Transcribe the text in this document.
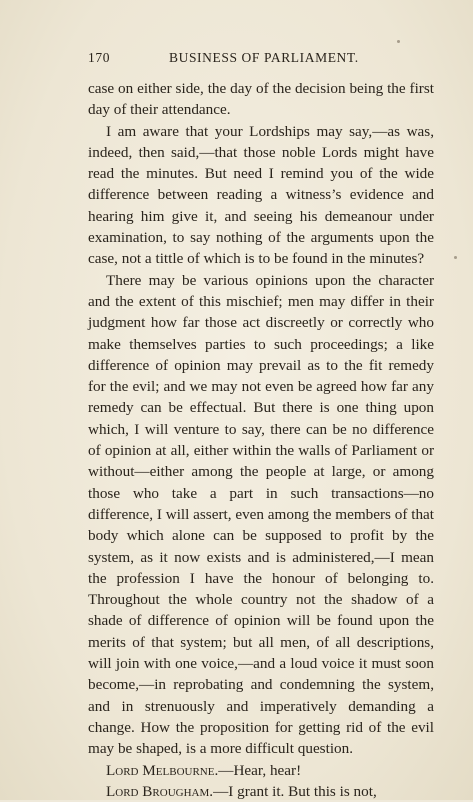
170	BUSINESS OF PARLIAMENT.

case on either side, the day of the decision being the first day of their attendance.

I am aware that your Lordships may say,—as was, indeed, then said,—that those noble Lords might have read the minutes. But need I remind you of the wide difference between reading a witness’s evidence and hearing him give it, and seeing his demeanour under examination, to say nothing of the arguments upon the case, not a tittle of which is to be found in the minutes?

There may be various opinions upon the character and the extent of this mischief; men may differ in their judgment how far those act discreetly or correctly who make themselves parties to such proceedings; a like difference of opinion may prevail as to the fit remedy for the evil; and we may not even be agreed how far any remedy can be effectual. But there is one thing upon which, I will venture to say, there can be no difference of opinion at all, either within the walls of Parliament or without—either among the people at large, or among those who take a part in such transactions—no difference, I will assert, even among the members of that body which alone can be supposed to profit by the system, as it now exists and is administered,—I mean the profession I have the honour of belonging to. Throughout the whole country not the shadow of a shade of difference of opinion will be found upon the merits of that system; but all men, of all descriptions, will join with one voice,—and a loud voice it must soon become,—in reprobating and condemning the system, and in strenuously and imperatively demanding a change. How the proposition for getting rid of the evil may be shaped, is a more difficult question.

Lord Melbourne.—Hear, hear!

Lord Brougham.—I grant it. But this is not,
